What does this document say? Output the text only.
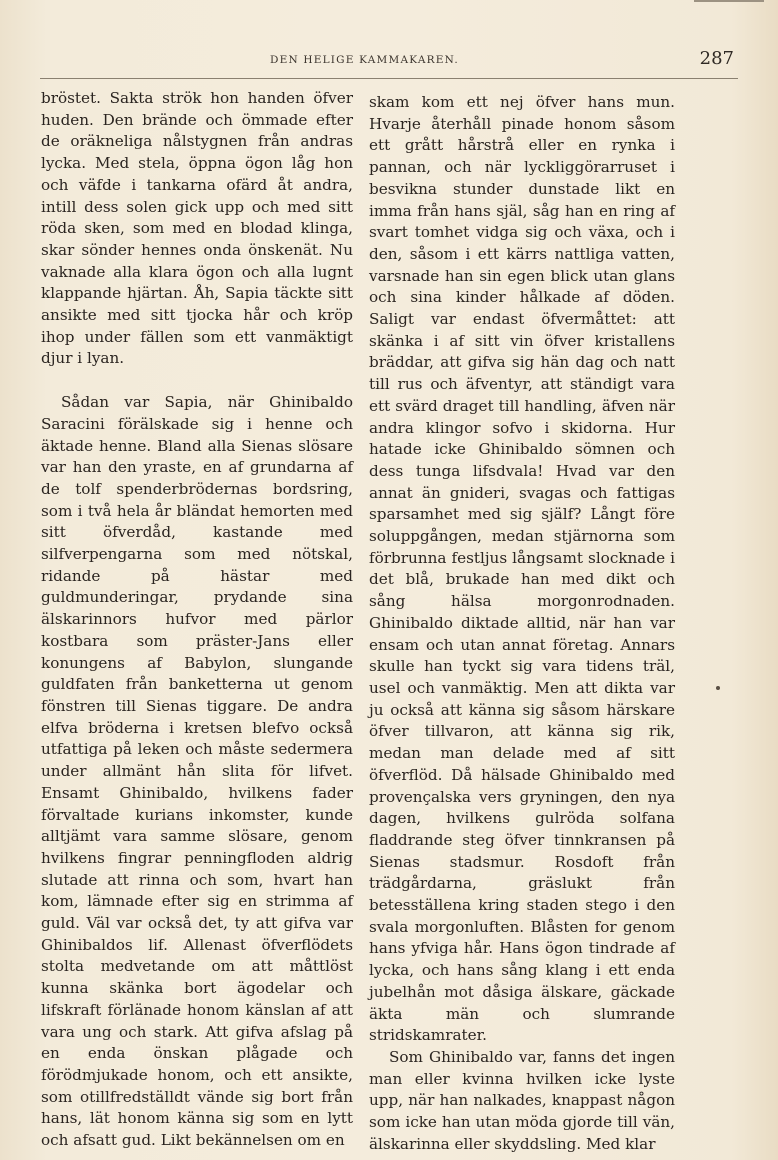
DEN HELIGE KAMMAKAREN.	287

bröstet. Sakta strök hon handen öfver huden. Den brände och ömmade efter de oräkneliga nålstygnen från andras lycka. Med stela, öppna ögon låg hon och väfde i tankarna ofärd åt andra, intill dess solen gick upp och med sitt röda sken, som med en blodad klinga, skar sönder hennes onda önskenät. Nu vaknade alla klara ögon och alla lugnt klappande hjärtan. Åh, Sapia täckte sitt ansikte med sitt tjocka hår och kröp ihop under fällen som ett vanmäktigt djur i lyan.

Sådan var Sapia, när Ghinibaldo Saracini förälskade sig i henne och äktade henne. Bland alla Sienas slösare var han den yraste, en af grundarna af de tolf spenderbrödernas bordsring, som i två hela år bländat hemorten med sitt öfverdåd, kastande med silfverpengarna som med nötskal, ridande på hästar med guldmunderingar, prydande sina älskarinnors hufvor med pärlor kostbara som präster-Jans eller konungens af Babylon, slungande guldfaten från banketterna ut genom fönstren till Sienas tiggare. De andra elfva bröderna i kretsen blefvo också utfattiga på leken och måste sedermera under allmänt hån slita för lifvet. Ensamt Ghinibaldo, hvilkens fader förvaltade kurians inkomster, kunde alltjämt vara samme slösare, genom hvilkens fingrar penningfloden aldrig slutade att rinna och som, hvart han kom, lämnade efter sig en strimma af guld. Väl var också det, ty att gifva var Ghinibaldos lif. Allenast öfverflödets stolta medvetande om att måttlöst kunna skänka bort ägodelar och lifskraft förlänade honom känslan af att vara ung och stark. Att gifva afslag på en enda önskan plågade och förödmjukade honom, och ett ansikte, som otillfredställdt vände sig bort från hans, lät honom känna sig som en lytt och afsatt gud. Likt bekännelsen om en

skam kom ett nej öfver hans mun. Hvarje återhåll pinade honom såsom ett grått hårstrå eller en rynka i pannan, och när lyckliggörarruset i besvikna stunder dunstade likt en imma från hans själ, såg han en ring af svart tomhet vidga sig och växa, och i den, såsom i ett kärrs nattliga vatten, varsnade han sin egen blick utan glans och sina kinder hålkade af döden. Saligt var endast öfvermåttet: att skänka i af sitt vin öfver kristallens bräddar, att gifva sig hän dag och natt till rus och äfventyr, att ständigt vara ett svärd draget till handling, äfven när andra klingor sofvo i skidorna. Hur hatade icke Ghinibaldo sömnen och dess tunga lifsdvala! Hvad var den annat än gnideri, svagas och fattigas sparsamhet med sig själf? Långt före soluppgången, medan stjärnorna som förbrunna festljus långsamt slocknade i det blå, brukade han med dikt och sång hälsa morgonrodnaden. Ghinibaldo diktade alltid, när han var ensam och utan annat företag. Annars skulle han tyckt sig vara tidens träl, usel och vanmäktig. Men att dikta var ju också att känna sig såsom härskare öfver tillvaron, att känna sig rik, medan man delade med af sitt öfverflöd. Då hälsade Ghinibaldo med provençalska vers gryningen, den nya dagen, hvilkens gulröda solfana fladdrande steg öfver tinnkransen på Sienas stadsmur. Rosdoft från trädgårdarna, gräslukt från betesställena kring staden stego i den svala morgonluften. Blåsten for genom hans yfviga hår. Hans ögon tindrade af lycka, och hans sång klang i ett enda jubelhån mot dåsiga älskare, gäckade äkta män och slumrande stridskamrater.

Som Ghinibaldo var, fanns det ingen man eller kvinna hvilken icke lyste upp, när han nalkades, knappast någon som icke han utan möda gjorde till vän, älskarinna eller skyddsling. Med klar
